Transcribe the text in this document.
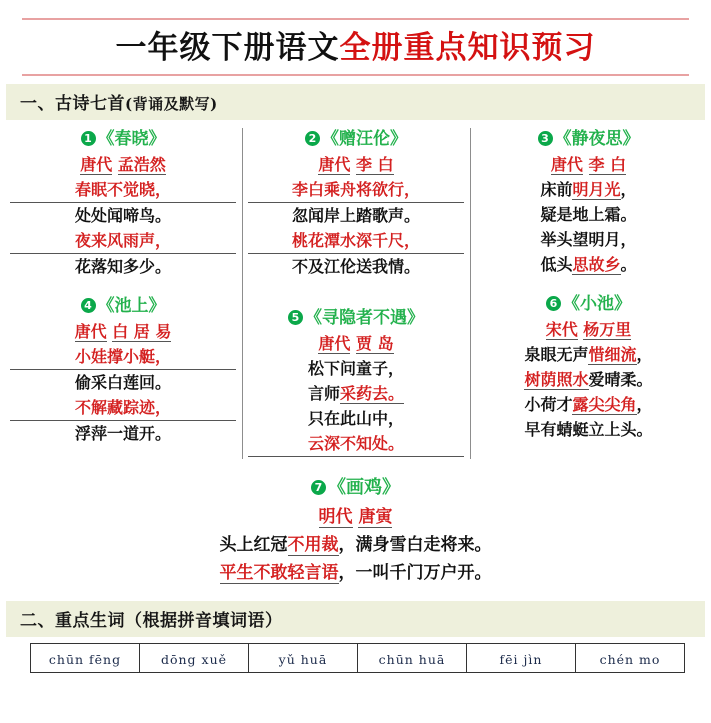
一年级下册语文全册重点知识预习
一、古诗七首(背诵及默写)
1 《春晓》
唐代 孟浩然
春眠不觉晓，
处处闻啼鸟。
夜来风雨声，
花落知多少。
4 《池上》
唐代 白 居 易
小娃撑小艇，
偷采白莲回。
不解藏踪迹，
浮萍一道开。
2 《赠汪伦》
唐代 李 白
李白乘舟将欲行，
忽闻岸上踏歌声。
桃花潭水深千尺，
不及江伦送我情。
5 《寻隐者不遇》
唐代 贾 岛
松下问童子，
言师采药去。
只在此山中，
云深不知处。
3 《静夜思》
唐代 李 白
床前明月光，
疑是地上霜。
举头望明月，
低头思故乡。
6 《小池》
宋代 杨万里
泉眼无声惜细流，
树荫照水爱晴柔。
小荷才露尖尖角，
早有蜻蜓立上头。
7 《画鸡》
明代 唐寅
头上红冠不用裁，满身雪白走将来。
平生不敢轻言语，一叫千门万户开。
二、重点生词（根据拼音填词语）
chūn fēng	dōng xuě	yǔ huā	chūn huā	fēi jìn	chén mo
